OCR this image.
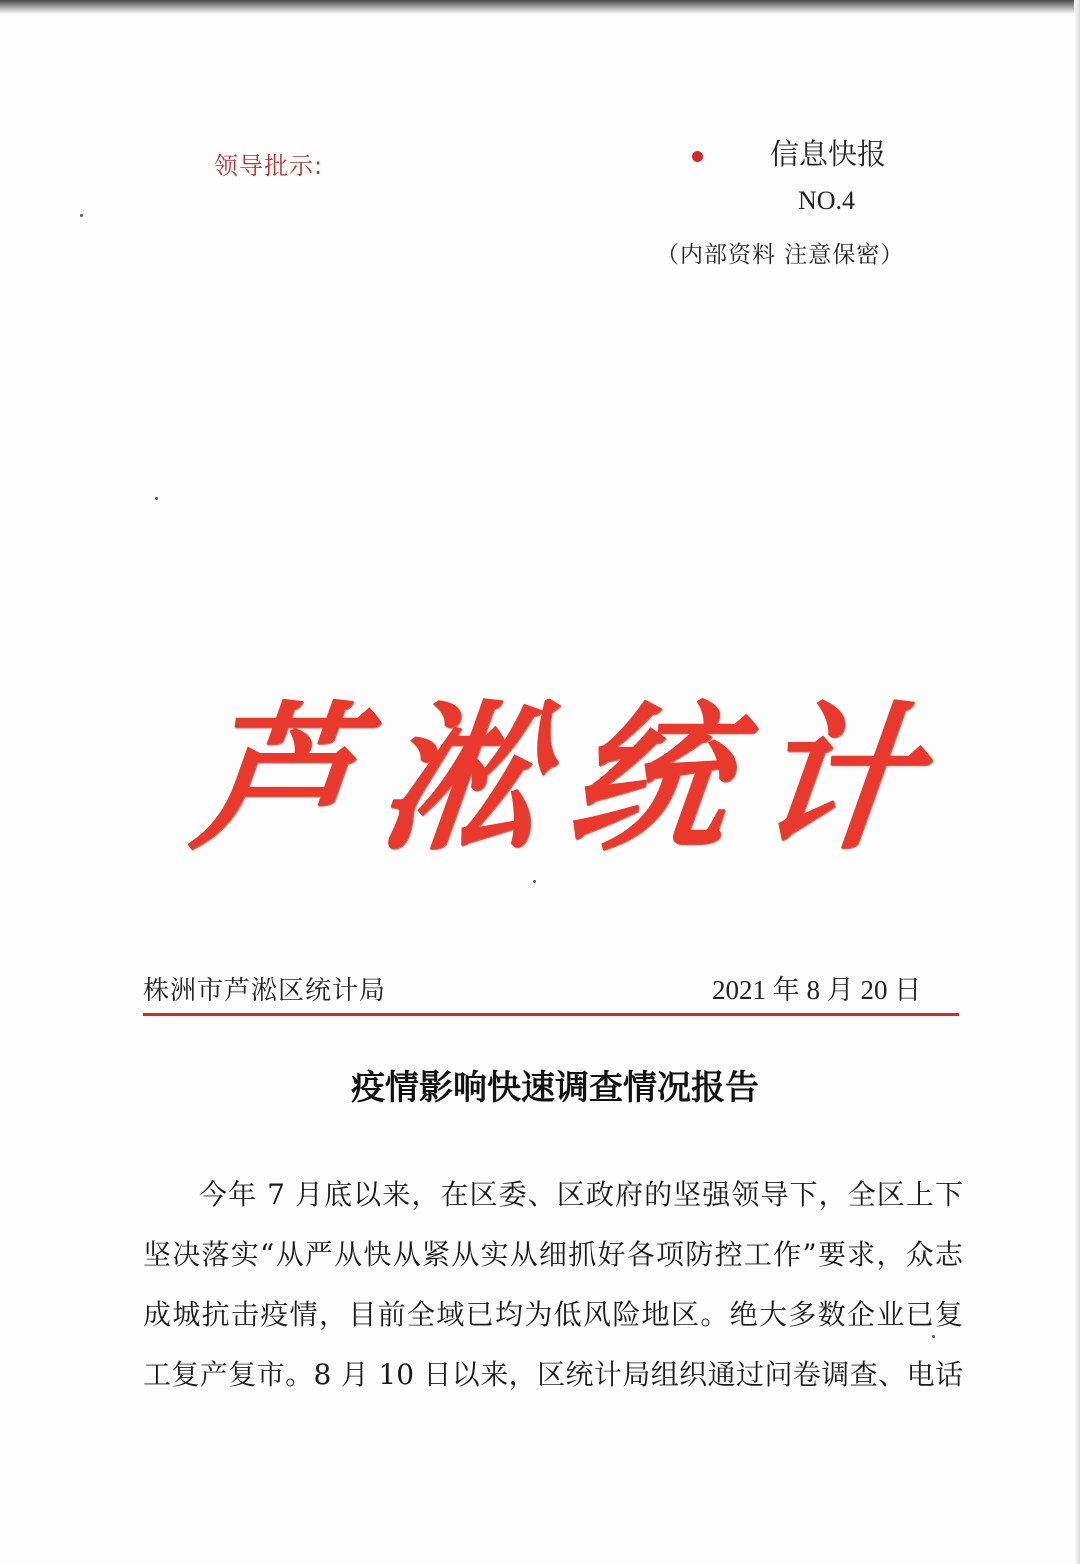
领导批示:	信息快报
NO.4
（内部资料 注意保密）
芦 淞 统 计
株洲市芦淞区统计局	2021 年 8 月 20 日
疫情影响快速调查情况报告

今年 7 月底以来，在区委、区政府的坚强领导下，全区上下
坚决落实“从严从快从紧从实从细抓好各项防控工作”要求，众志
成城抗击疫情，目前全域已均为低风险地区。绝大多数企业已复
工复产复市。8 月 10 日以来，区统计局组织通过问卷调查、电话
